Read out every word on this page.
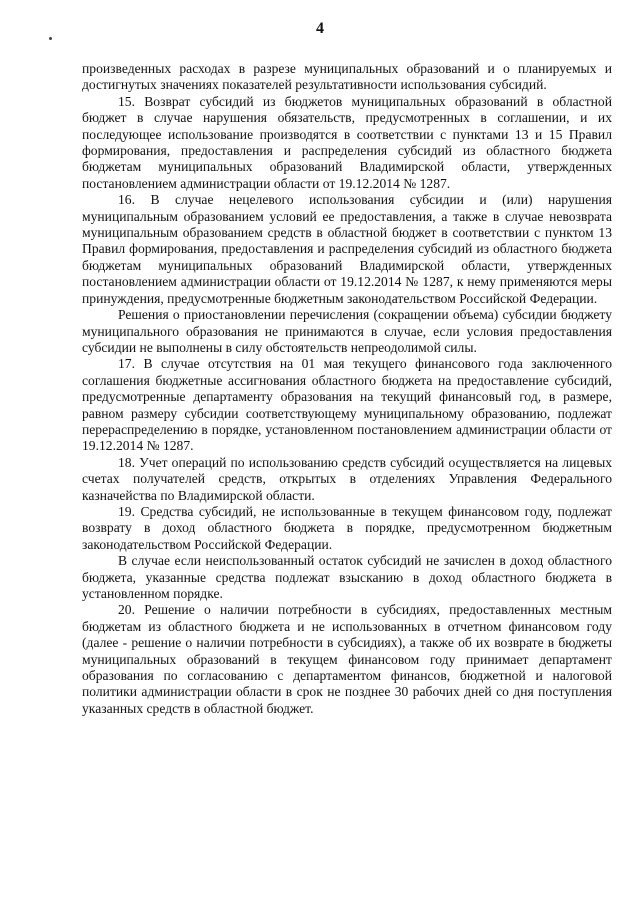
4

произведенных расходах в разрезе муниципальных образований и о планируемых и достигнутых значениях показателей результативности использования субсидий.

15. Возврат субсидий из бюджетов муниципальных образований в областной бюджет в случае нарушения обязательств, предусмотренных в соглашении, и их последующее использование производятся в соответствии с пунктами 13 и 15 Правил формирования, предоставления и распределения субсидий из областного бюджета бюджетам муниципальных образований Владимирской области, утвержденных постановлением администрации области от 19.12.2014 № 1287.

16. В случае нецелевого использования субсидии и (или) нарушения муниципальным образованием условий ее предоставления, а также в случае невозврата муниципальным образованием средств в областной бюджет в соответствии с пунктом 13 Правил формирования, предоставления и распределения субсидий из областного бюджета бюджетам муниципальных образований Владимирской области, утвержденных постановлением администрации области от 19.12.2014 № 1287, к нему применяются меры принуждения, предусмотренные бюджетным законодательством Российской Федерации.

Решения о приостановлении перечисления (сокращении объема) субсидии бюджету муниципального образования не принимаются в случае, если условия предоставления субсидии не выполнены в силу обстоятельств непреодолимой силы.

17. В случае отсутствия на 01 мая текущего финансового года заключенного соглашения бюджетные ассигнования областного бюджета на предоставление субсидий, предусмотренные департаменту образования на текущий финансовый год, в размере, равном размеру субсидии соответствующему муниципальному образованию, подлежат перераспределению в порядке, установленном постановлением администрации области от 19.12.2014 № 1287.

18. Учет операций по использованию средств субсидий осуществляется на лицевых счетах получателей средств, открытых в отделениях Управления Федерального казначейства по Владимирской области.

19. Средства субсидий, не использованные в текущем финансовом году, подлежат возврату в доход областного бюджета в порядке, предусмотренном бюджетным законодательством Российской Федерации.

В случае если неиспользованный остаток субсидий не зачислен в доход областного бюджета, указанные средства подлежат взысканию в доход областного бюджета в установленном порядке.

20. Решение о наличии потребности в субсидиях, предоставленных местным бюджетам из областного бюджета и не использованных в отчетном финансовом году (далее - решение о наличии потребности в субсидиях), а также об их возврате в бюджеты муниципальных образований в текущем финансовом году принимает департамент образования по согласованию с департаментом финансов, бюджетной и налоговой политики администрации области в срок не позднее 30 рабочих дней со дня поступления указанных средств в областной бюджет.
